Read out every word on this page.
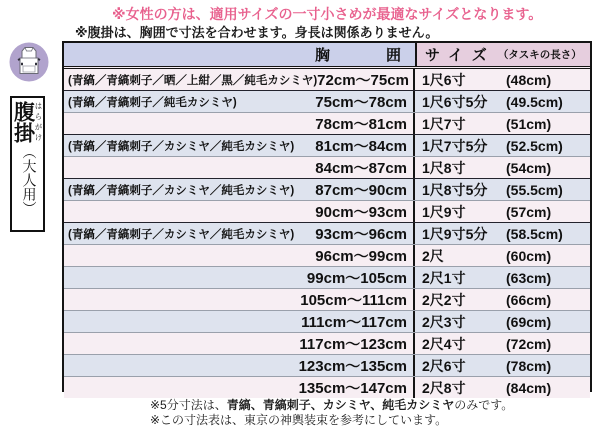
※女性の方は、適用サイズの一寸小さめが最適なサイズとなります。
※腹掛は、胸囲で寸法を合わせます。身長は関係ありません。
腹はら掛がけ
（大人用）
胸	囲 サイズ （タスキの長さ）
(青縞／青縞刺子／晒／上紺／黒／純毛カシミヤ) 72cm～75cm 1尺6寸	(48cm)
(青縞／青縞刺子／純毛カシミヤ)	75cm～78cm	1尺6寸5分	(49.5cm)
78cm～81cm	1尺7寸	(51cm)
(青縞／青縞刺子／カシミヤ／純毛カシミヤ) 81cm～84cm	1尺7寸5分	(52.5cm)
84cm～87cm	1尺8寸	(54cm)
(青縞／青縞刺子／カシミヤ／純毛カシミヤ) 87cm～90cm	1尺8寸5分	(55.5cm)
90cm～93cm	1尺9寸	(57cm)
(青縞／青縞刺子／カシミヤ／純毛カシミヤ) 93cm～96cm	1尺9寸5分	(58.5cm)
96cm～99cm	2尺	(60cm)
99cm～105cm	2尺1寸	(63cm)
105cm～111cm	2尺2寸	(66cm)
111cm～117cm	2尺3寸	(69cm)
117cm～123cm	2尺4寸	(72cm)
123cm～135cm	2尺6寸	(78cm)
135cm～147cm	2尺8寸	(84cm)
※5分寸法は、青縞、青縞刺子、カシミヤ、純毛カシミヤのみです。
※この寸法表は、東京の神輿装束を参考にしています。
